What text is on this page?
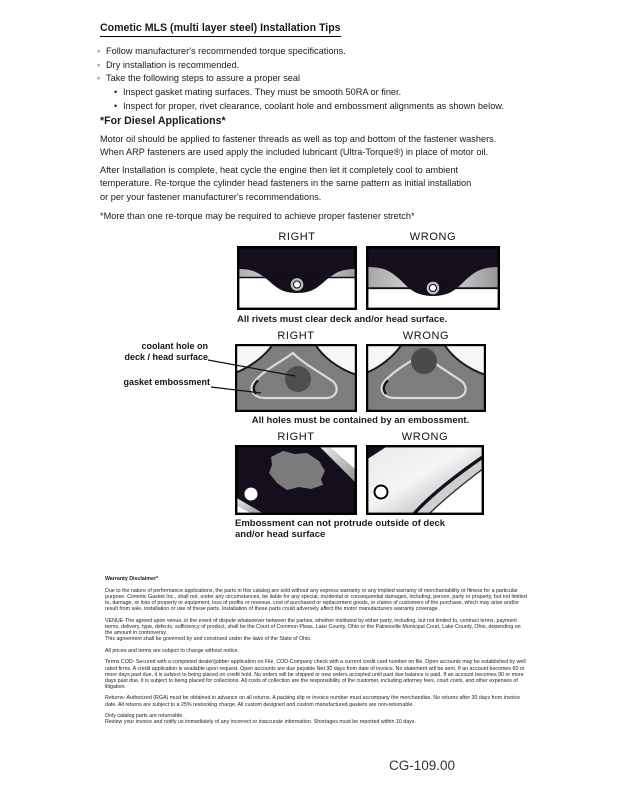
Cometic MLS (multi layer steel) Installation Tips
◦ Follow manufacturer's recommended torque specifications.
◦ Dry installation is recommended.
◦ Take the following steps to assure a proper seal
• Inspect gasket mating surfaces. They must be smooth 50RA or finer.
• Inspect for proper, rivet clearance, coolant hole and embossment alignments as shown below.
*For Diesel Applications*
Motor oil should be applied to fastener threads as well as top and bottom of the fastener washers.
When ARP fasteners are used apply the included lubricant (Ultra-Torque®) in place of motor oil.
After Installation is complete, heat cycle the engine then let it completely cool to ambient
temperature. Re-torque the cylinder head fasteners in the same pattern as initial installation
or per your fastener manufacturer's recommendations.
*More than one re-torque may be required to achieve proper fastener stretch*
RIGHT	WRONG
All rivets must clear deck and/or head surface.
RIGHT	WRONG
coolant hole on
deck / head surface
gasket embossment
All holes must be contained by an embossment.
RIGHT	WRONG
Embossment can not protrude outside of deck
and/or head surface

Warranty Disclaimer*

Due to the nature of performance applications, the parts in this catalog are sold without any express warranty or any implied warranty of merchantability or fitness for a particular purpose. Cometic Gasket Inc., shall not, under any circumstances, be liable for any special, incidental or consequential damages, including, person, party or property, but not limited to, damage, or loss of property or equipment, loss of profits or revenue, cost of purchased or replacement goods, or claims of customers of the purchase, which may arise and/or result from sale, installation or use of these parts. Installation of these parts could adversely affect the motor manufacturers warranty coverage.

VENUE-The agreed upon venue, in the event of dispute whatsoever between the parties, whether instituted by either party, including, but not limited to, contract terms, payment terms, delivery, type, defects, sufficiency of product, shall be the Court of Common Pleas, Lake County, Ohio or the Painesville Municipal Court, Lake County, Ohio, depending on the amount in controversy.

This agreement shall be governed by and construed under the laws of the State of Ohio.

All prices and terms are subject to change without notice.

Terms COD- Secured with a completed dealer/jobber application on File, COD-Company check with a current credit card number on file. Open accounts may be established by well rated firms. A credit application is available upon request. Open accounts are due payable Net 30 days from date of invoice. No statement will be sent. If an account becomes 60 or more days past due, it is subject to being placed on credit hold. No orders will be shipped or new orders accepted until past due balance is paid. If an account becomes 90 or more days past due, it is subject to being placed for collections. All costs of collection are the responsibility of the customer, including attorney fees, court costs, and other expenses of litigation.

Returns- Authorized (RGA) must be obtained in advance on all returns. A packing slip or invoice number must accompany the merchandise. No returns after 30 days from invoice date. All returns are subject to a 25% restocking charge. All custom designed and custom manufactured gaskets are non-returnable.

Only catalog parts are returnable.

Review your invoice and notify us immediately of any incorrect or inaccurate information. Shortages must be reported within 10 days.

CG-109.00
